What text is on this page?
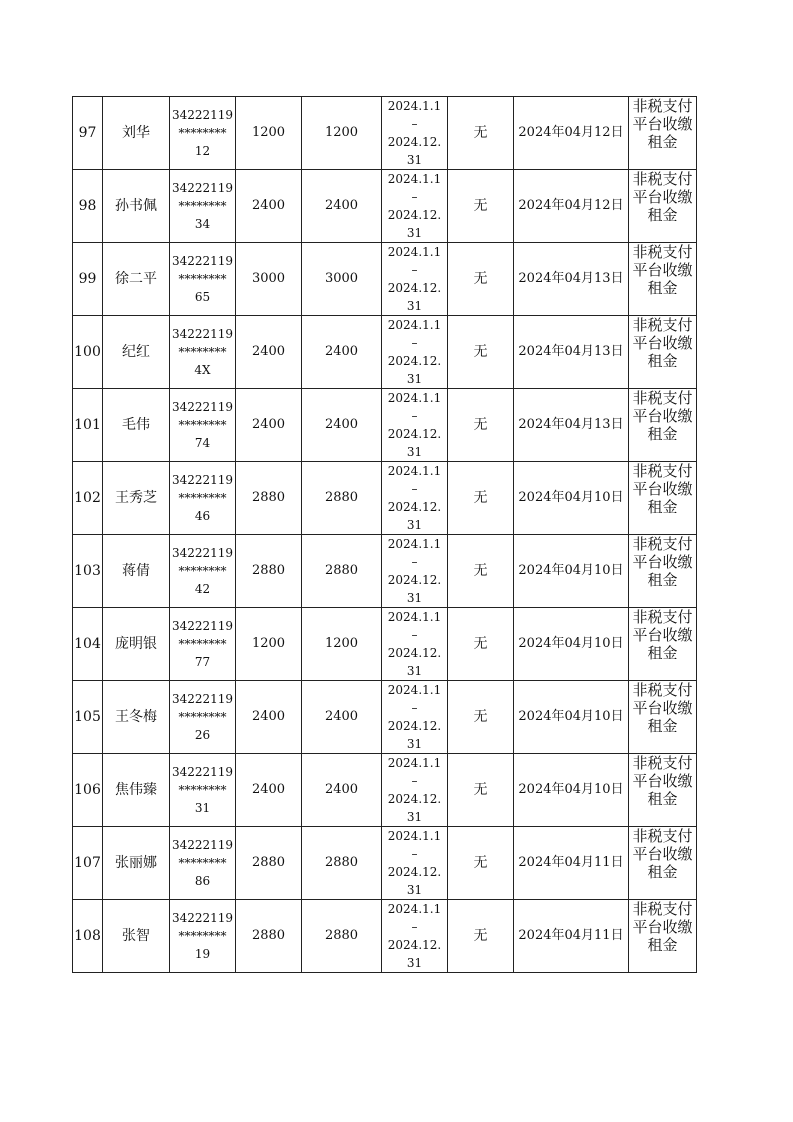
97	刘华	34222119
********
12	1200	1200	2024.1.1
–
2024.12.
31	无	2024年04月12日	非税支付平台收缴租金

98	孙书佩	34222119
********
34	2400	2400	2024.1.1
–
2024.12.
31	无	2024年04月12日	非税支付平台收缴租金

99	徐二平	34222119
********
65	3000	3000	2024.1.1
–
2024.12.
31	无	2024年04月13日	非税支付平台收缴租金

100	纪红	34222119
********
4X	2400	2400	2024.1.1
–
2024.12.
31	无	2024年04月13日	非税支付平台收缴租金

101	毛伟	34222119
********
74	2400	2400	2024.1.1
–
2024.12.
31	无	2024年04月13日	非税支付平台收缴租金

102	王秀芝	34222119
********
46	2880	2880	2024.1.1
–
2024.12.
31	无	2024年04月10日	非税支付平台收缴租金

103	蒋倩	34222119
********
42	2880	2880	2024.1.1
–
2024.12.
31	无	2024年04月10日	非税支付平台收缴租金

104	庞明银	34222119
********
77	1200	1200	2024.1.1
–
2024.12.
31	无	2024年04月10日	非税支付平台收缴租金

105	王冬梅	34222119
********
26	2400	2400	2024.1.1
–
2024.12.
31	无	2024年04月10日	非税支付平台收缴租金

106	焦伟臻	34222119
********
31	2400	2400	2024.1.1
–
2024.12.
31	无	2024年04月10日	非税支付平台收缴租金

107	张丽娜	34222119
********
86	2880	2880	2024.1.1
–
2024.12.
31	无	2024年04月11日	非税支付平台收缴租金

108	张智	34222119
********
19	2880	2880	2024.1.1
–
2024.12.
31	无	2024年04月11日	非税支付平台收缴租金
